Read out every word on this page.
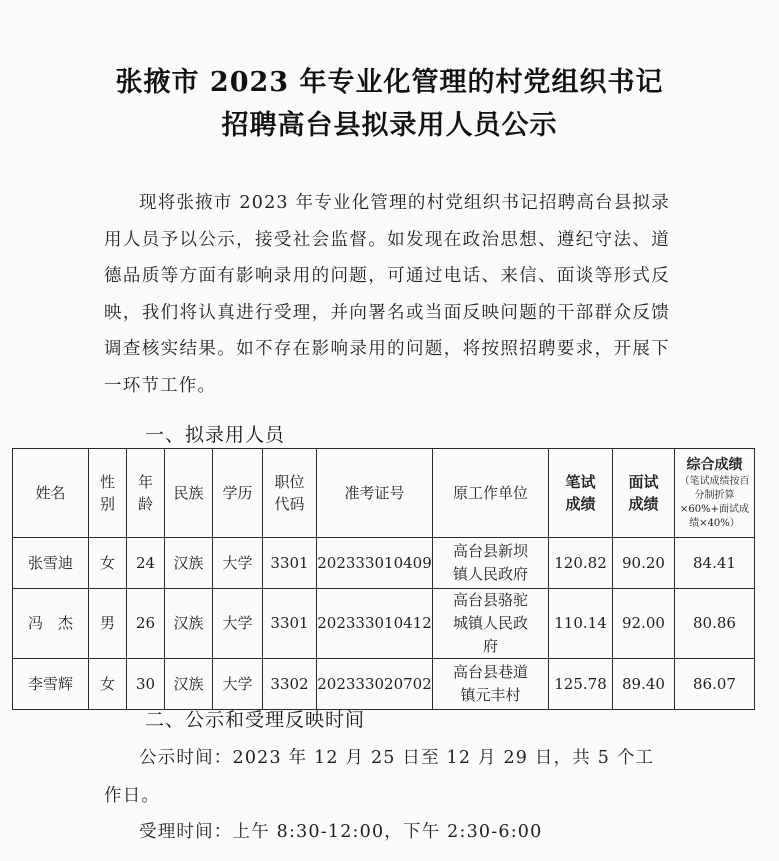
张掖市 2023 年专业化管理的村党组织书记
招聘高台县拟录用人员公示
现将张掖市 2023 年专业化管理的村党组织书记招聘高台县拟录用人员予以公示，接受社会监督。如发现在政治思想、遵纪守法、道德品质等方面有影响录用的问题，可通过电话、来信、面谈等形式反映，我们将认真进行受理，并向署名或当面反映问题的干部群众反馈调查核实结果。如不存在影响录用的问题，将按照招聘要求，开展下一环节工作。
一、拟录用人员
姓名	性别	年龄	民族	学历	职位代码	准考证号	原工作单位	笔试成绩	面试成绩	综合成绩
（笔试成绩按百分制折算×60%+面试成绩×40%）

张雪迪	女	24	汉族	大学	3301	202333010409	高台县新坝镇人民政府	120.82	90.20	84.41
冯　杰	男	26	汉族	大学	3301	202333010412	高台县骆驼城镇人民政府	110.14	92.00	80.86
李雪辉	女	30	汉族	大学	3302	202333020702	高台县巷道镇元丰村	125.78	89.40	86.07
二、公示和受理反映时间
公示时间：2023 年 12 月 25 日至 12 月 29 日，共 5 个工作日。
受理时间：上午 8:30-12:00，下午 2:30-6:00
